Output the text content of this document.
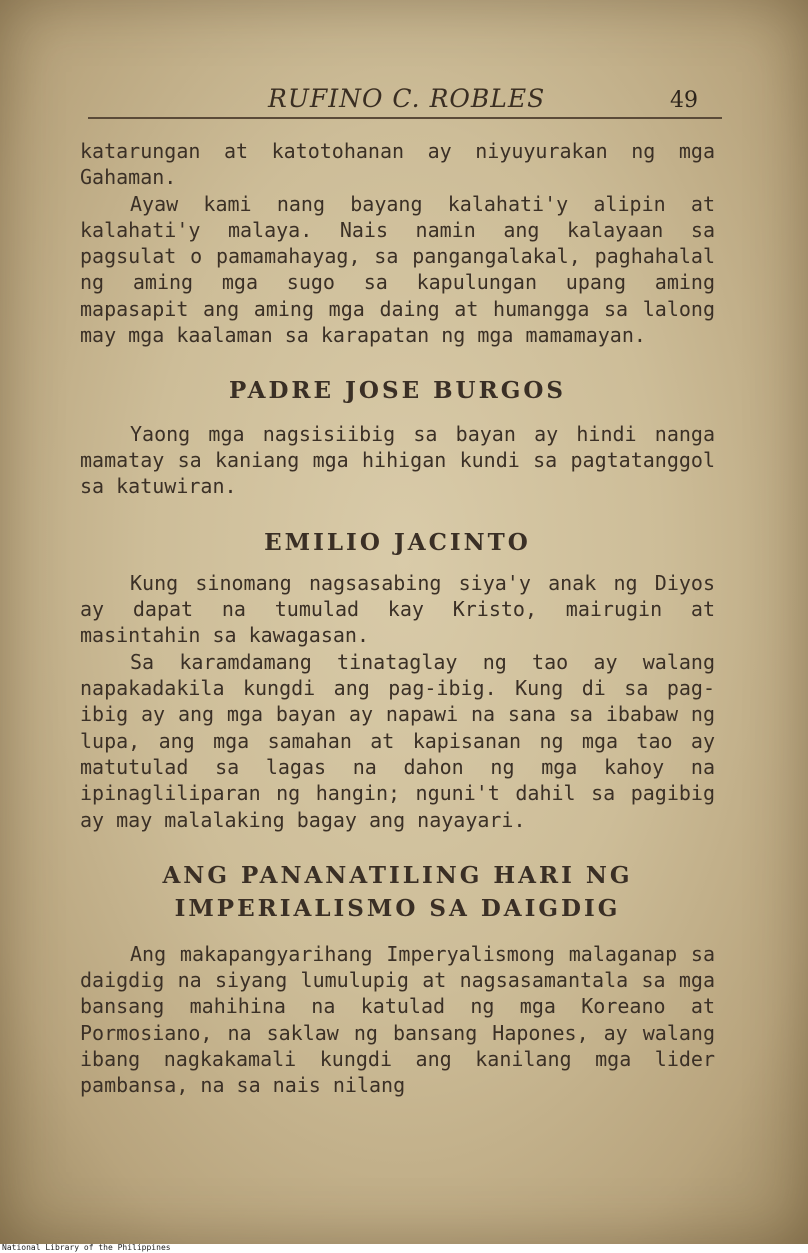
RUFINO C. ROBLES	49

katarungan at katotohanan ay niyuyurakan ng mga Gahaman.

Ayaw kami nang bayang kalahati'y alipin at kalahati'y malaya. Nais namin ang kalayaan sa pagsulat o pamamahayag, sa pangangalakal, paghahalal ng aming mga sugo sa kapulungan upang aming mapasapit ang aming mga daing at humangga sa lalong may mga kaalaman sa karapatan ng mga mamamayan.

PADRE JOSE BURGOS

Yaong mga nagsisiibig sa bayan ay hindi nanga mamatay sa kaniang mga hihigan kundi sa pagtatanggol sa katuwiran.

EMILIO JACINTO

Kung sinomang nagsasabing siya'y anak ng Diyos ay dapat na tumulad kay Kristo, mairugin at masintahin sa kawagasan.

Sa karamdamang tinataglay ng tao ay walang napakadakila kungdi ang pag-ibig. Kung di sa pag-ibig ay ang mga bayan ay napawi na sana sa ibabaw ng lupa, ang mga samahan at kapisanan ng mga tao ay matutulad sa lagas na dahon ng mga kahoy na ipinagliliparan ng hangin; nguni't dahil sa pagibig ay may malalaking bagay ang nayayari.

ANG PANANATILING HARI NG
IMPERIALISMO SA DAIGDIG

Ang makapangyarihang Imperyalismong malaganap sa daigdig na siyang lumulupig at nagsasamantala sa mga bansang mahihina na katulad ng mga Koreano at Pormosiano, na saklaw ng bansang Hapones, ay walang ibang nagkakamali kungdi ang kanilang mga lider pambansa, na sa nais nilang

National Library of the Philippines
